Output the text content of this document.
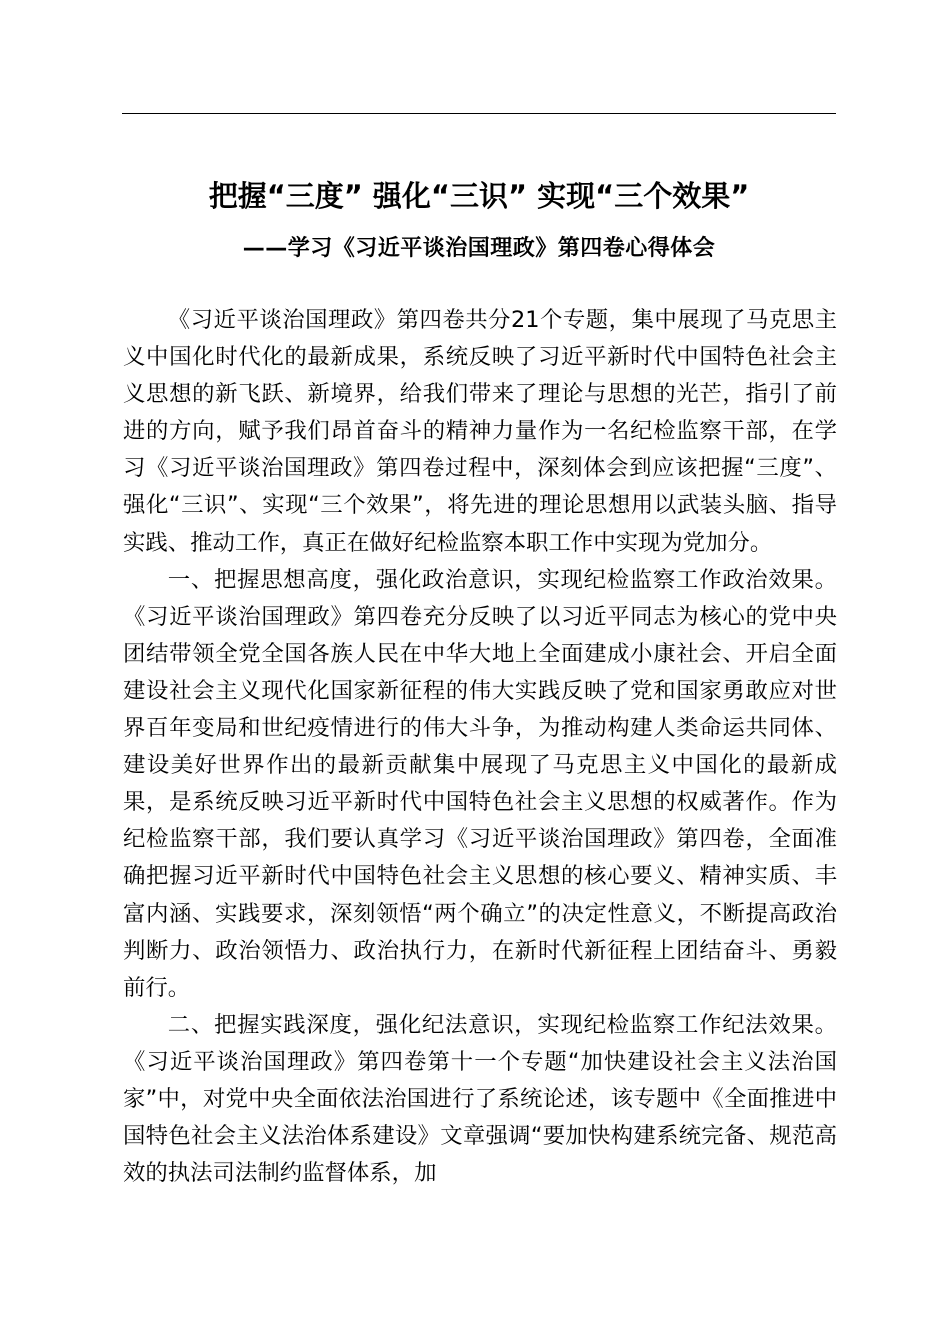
把握“三度” 强化“三识” 实现“三个效果”
——学习《习近平谈治国理政》第四卷心得体会

《习近平谈治国理政》第四卷共分21个专题，集中展现了马克思主义中国化时代化的最新成果，系统反映了习近平新时代中国特色社会主义思想的新飞跃、新境界，给我们带来了理论与思想的光芒，指引了前进的方向，赋予我们昂首奋斗的精神力量作为一名纪检监察干部，在学习《习近平谈治国理政》第四卷过程中，深刻体会到应该把握“三度”、强化“三识”、实现“三个效果”，将先进的理论思想用以武装头脑、指导实践、推动工作，真正在做好纪检监察本职工作中实现为党加分。

一、把握思想高度，强化政治意识，实现纪检监察工作政治效果。《习近平谈治国理政》第四卷充分反映了以习近平同志为核心的党中央团结带领全党全国各族人民在中华大地上全面建成小康社会、开启全面建设社会主义现代化国家新征程的伟大实践反映了党和国家勇敢应对世界百年变局和世纪疫情进行的伟大斗争，为推动构建人类命运共同体、建设美好世界作出的最新贡献集中展现了马克思主义中国化的最新成果，是系统反映习近平新时代中国特色社会主义思想的权威著作。作为纪检监察干部，我们要认真学习《习近平谈治国理政》第四卷，全面准确把握习近平新时代中国特色社会主义思想的核心要义、精神实质、丰富内涵、实践要求，深刻领悟“两个确立”的决定性意义，不断提高政治判断力、政治领悟力、政治执行力，在新时代新征程上团结奋斗、勇毅前行。

二、把握实践深度，强化纪法意识，实现纪检监察工作纪法效果。《习近平谈治国理政》第四卷第十一个专题“加快建设社会主义法治国家”中，对党中央全面依法治国进行了系统论述，该专题中《全面推进中国特色社会主义法治体系建设》文章强调“要加快构建系统完备、规范高效的执法司法制约监督体系，加
